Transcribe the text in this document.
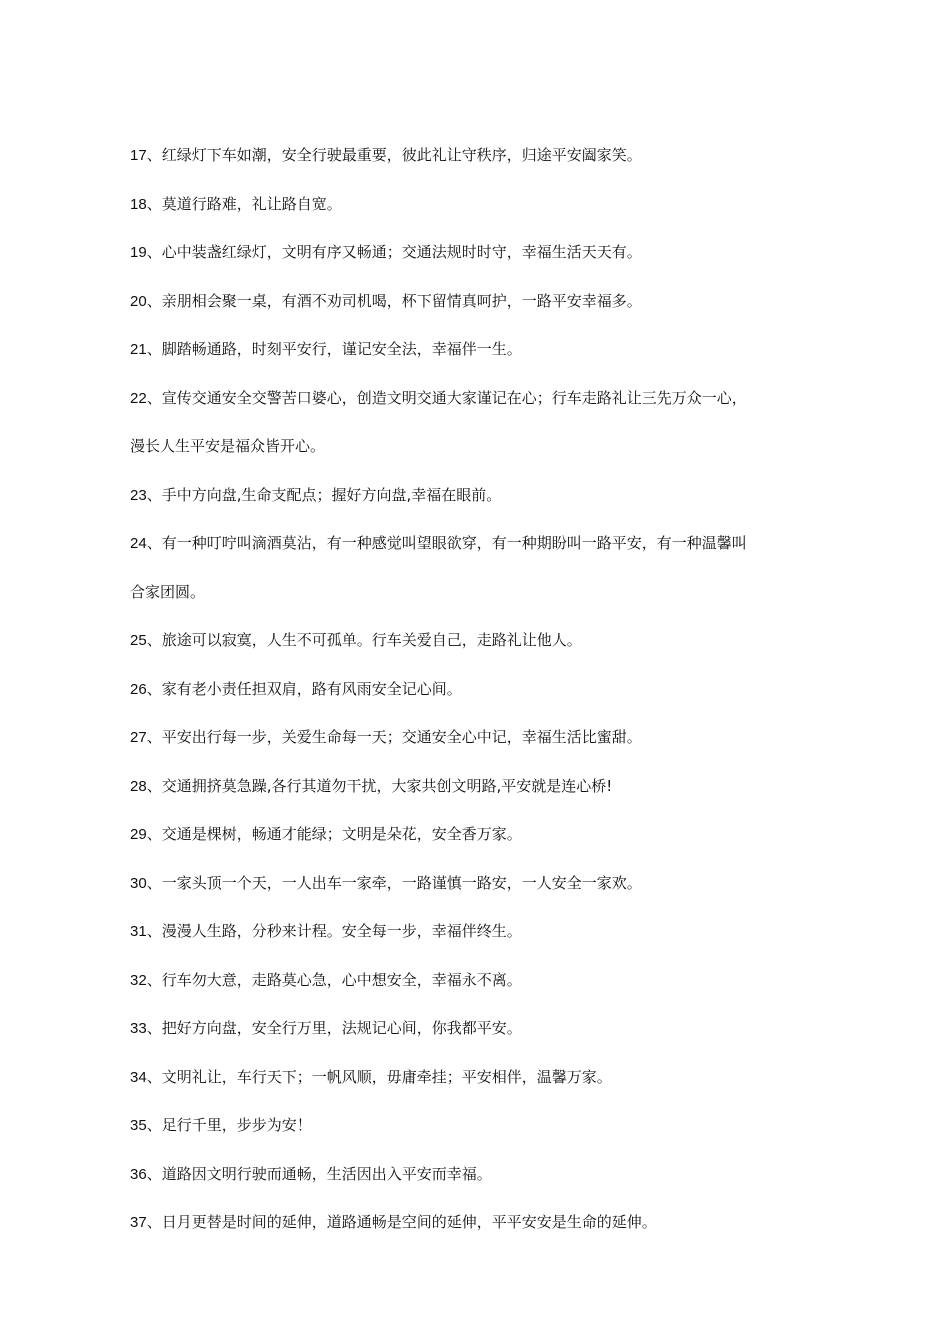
17、红绿灯下车如潮，安全行驶最重要，彼此礼让守秩序，归途平安阖家笑。
18、莫道行路难，礼让路自宽。
19、心中装盏红绿灯，文明有序又畅通；交通法规时时守，幸福生活天天有。
20、亲朋相会聚一桌，有酒不劝司机喝，杯下留情真呵护，一路平安幸福多。
21、脚踏畅通路，时刻平安行，谨记安全法，幸福伴一生。
22、宣传交通安全交警苦口婆心，创造文明交通大家谨记在心；行车走路礼让三先万众一心，
漫长人生平安是福众皆开心。
23、手中方向盘,生命支配点；握好方向盘,幸福在眼前。
24、有一种叮咛叫滴酒莫沾，有一种感觉叫望眼欲穿，有一种期盼叫一路平安，有一种温馨叫
合家团圆。
25、旅途可以寂寞，人生不可孤单。行车关爱自己，走路礼让他人。
26、家有老小责任担双肩，路有风雨安全记心间。
27、平安出行每一步，关爱生命每一天；交通安全心中记，幸福生活比蜜甜。
28、交通拥挤莫急躁,各行其道勿干扰，大家共创文明路,平安就是连心桥!
29、交通是棵树，畅通才能绿；文明是朵花，安全香万家。
30、一家头顶一个天，一人出车一家牵，一路谨慎一路安，一人安全一家欢。
31、漫漫人生路，分秒来计程。安全每一步，幸福伴终生。
32、行车勿大意，走路莫心急，心中想安全，幸福永不离。
33、把好方向盘，安全行万里，法规记心间，你我都平安。
34、文明礼让，车行天下；一帆风顺，毋庸牵挂；平安相伴，温馨万家。
35、足行千里，步步为安！
36、道路因文明行驶而通畅，生活因出入平安而幸福。
37、日月更替是时间的延伸，道路通畅是空间的延伸，平平安安是生命的延伸。
